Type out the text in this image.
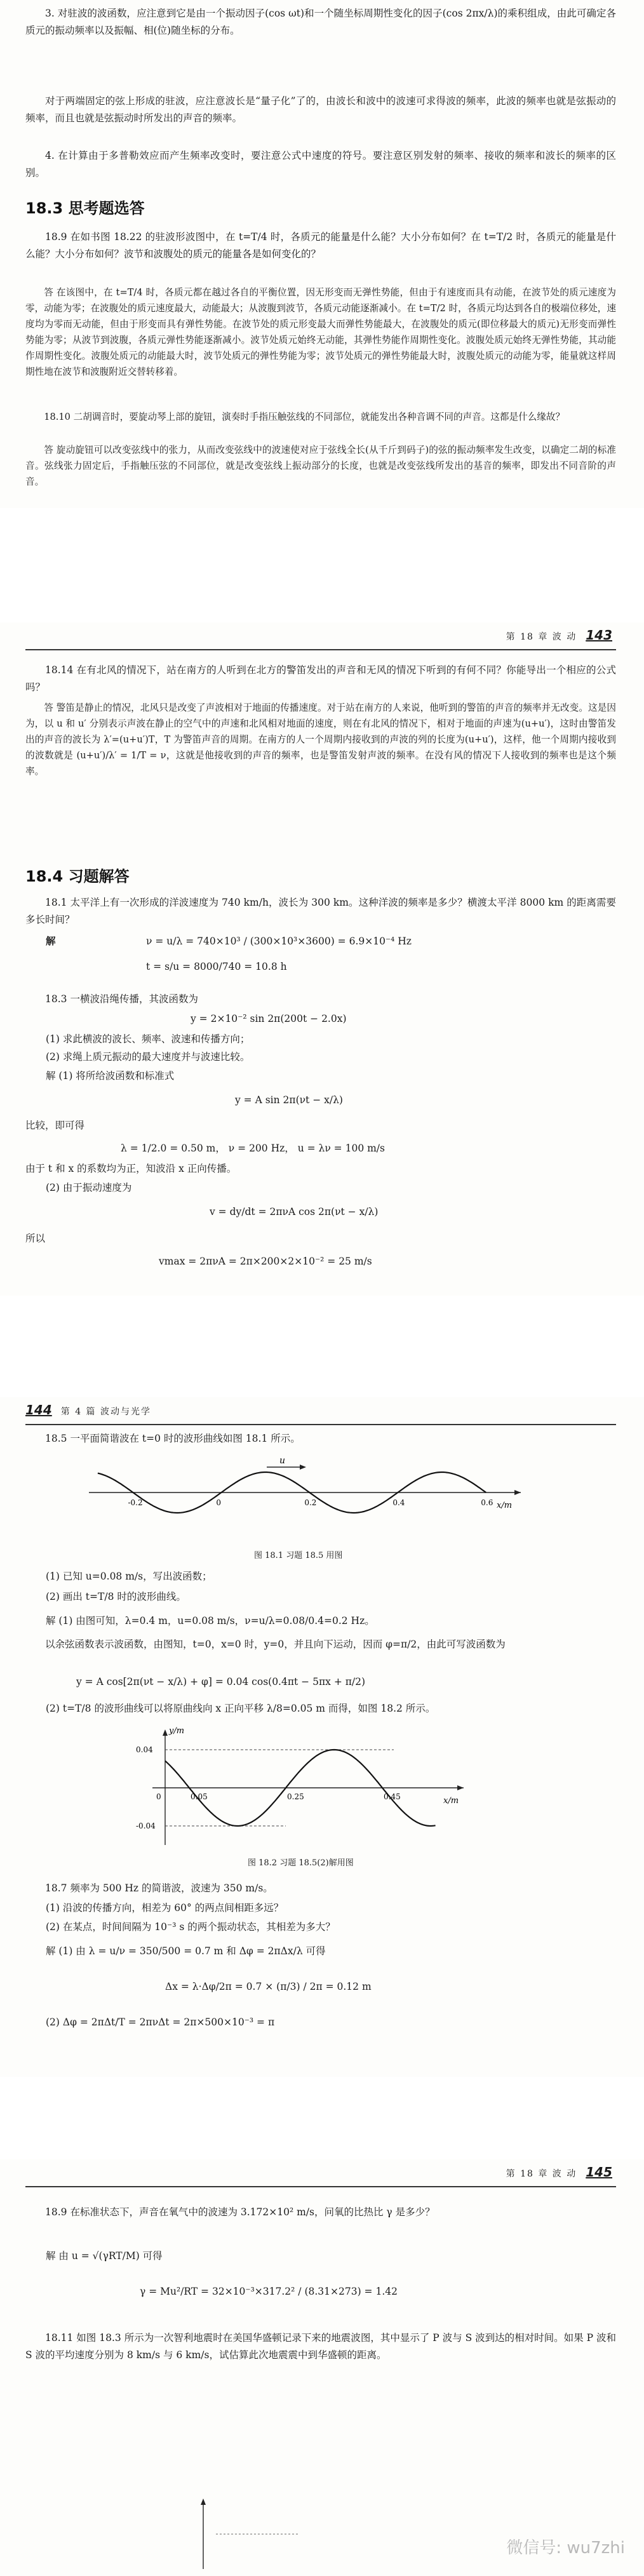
3. 对驻波的波函数，应注意到它是由一个振动因子(cos ωt)和一个随坐标周期性变化的因子(cos 2πx/λ)的乘积组成，由此可确定各质元的振动频率以及振幅、相(位)随坐标的分布。

对于两端固定的弦上形成的驻波，应注意波长是“量子化”了的，由波长和波中的波速可求得波的频率，此波的频率也就是弦振动的频率，而且也就是弦振动时所发出的声音的频率。

4. 在计算由于多普勒效应而产生频率改变时，要注意公式中速度的符号。要注意区别发射的频率、接收的频率和波长的频率的区别。

18.3 思考题选答

18.9 在如书图 18.22 的驻波形波图中，在 t=T/4 时，各质元的能量是什么能？大小分布如何？在 t=T/2 时，各质元的能量是什么能？大小分布如何？波节和波腹处的质元的能量各是如何变化的？

答 在该图中，在 t=T/4 时，各质元都在越过各自的平衡位置，因无形变而无弹性势能，但由于有速度而具有动能，在波节处的质元速度为零，动能为零；在波腹处的质元速度最大，动能最大；从波腹到波节，各质元动能逐渐减小。在 t=T/2 时，各质元均达到各自的极端位移处，速度均为零而无动能，但由于形变而具有弹性势能。在波节处的质元形变最大而弹性势能最大，在波腹处的质元(即位移最大的质元)无形变而弹性势能为零；从波节到波腹，各质元弹性势能逐渐减小。波节处质元始终无动能，其弹性势能作周期性变化。波腹处质元始终无弹性势能，其动能作周期性变化。波腹处质元的动能最大时，波节处质元的弹性势能为零；波节处质元的弹性势能最大时，波腹处质元的动能为零，能量就这样周期性地在波节和波腹附近交替转移着。

18.10 二胡调音时，要旋动琴上部的旋钮，演奏时手指压触弦线的不同部位，就能发出各种音调不同的声音。这都是什么缘故？

答 旋动旋钮可以改变弦线中的张力，从而改变弦线中的波速使对应于弦线全长(从千斤到码子)的弦的振动频率发生改变，以确定二胡的标准音。弦线张力固定后，手指触压弦的不同部位，就是改变弦线上振动部分的长度，也就是改变弦线所发出的基音的频率，即发出不同音阶的声音。

第 18 章 波 动 143

18.14 在有北风的情况下，站在南方的人听到在北方的警笛发出的声音和无风的情况下听到的有何不同？你能导出一个相应的公式吗？

答 警笛是静止的情况，北风只是改变了声波相对于地面的传播速度。对于站在南方的人来说，他听到的警笛的声音的频率并无改变。这是因为，以 u 和 u′ 分别表示声波在静止的空气中的声速和北风相对地面的速度，则在有北风的情况下，相对于地面的声速为(u+u′)，这时由警笛发出的声音的波长为 λ′=(u+u′)T，T 为警笛声音的周期。在南方的人一个周期内接收到的声波的列的长度为(u+u′)，这样，他一个周期内接收到的波数就是 (u+u′)/λ′ = 1/T = ν，这就是他接收到的声音的频率，也是警笛发射声波的频率。在没有风的情况下人接收到的频率也是这个频率。

18.4 习题解答

18.1 太平洋上有一次形成的洋波速度为 740 km/h，波长为 300 km。这种洋波的频率是多少？横渡太平洋 8000 km 的距离需要多长时间？

解	ν = u/λ = 740×10³ / (300×10³×3600) = 6.9×10⁻⁴ Hz
t = s/u = 8000/740 = 10.8 h

18.3 一横波沿绳传播，其波函数为

y = 2×10⁻² sin 2π(200t − 2.0x)
(1) 求此横波的波长、频率、波速和传播方向；
(2) 求绳上质元振动的最大速度并与波速比较。
解 (1) 将所给波函数和标准式
y = A sin 2π(νt − x/λ)
比较，即可得
λ = 1/2.0 = 0.50 m， ν = 200 Hz， u = λν = 100 m/s
由于 t 和 x 的系数均为正，知波沿 x 正向传播。
(2) 由于振动速度为
v = dy/dt = 2πνA cos 2π(νt − x/λ)
所以
vmax = 2πνA = 2π×200×2×10⁻² = 25 m/s
144 第 4 篇 波动与光学

18.5 一平面简谐波在 t=0 时的波形曲线如图 18.1 所示。

u
x/m
-0.2	0	0.2	0.4	0.6
图 18.1 习题 18.5 用图
(1) 已知 u=0.08 m/s，写出波函数；
(2) 画出 t=T/8 时的波形曲线。
解 (1) 由图可知，λ=0.4 m，u=0.08 m/s，ν=u/λ=0.08/0.4=0.2 Hz。

以余弦函数表示波函数，由图知，t=0，x=0 时，y=0，并且向下运动，因而 φ=π/2，由此可写波函数为

y = A cos[2π(νt − x/λ) + φ] = 0.04 cos(0.4πt − 5πx + π/2)
(2) t=T/8 的波形曲线可以将原曲线向 x 正向平移 λ/8=0.05 m 而得，如图 18.2 所示。
y/m
x/m
0	0.05	0.25	0.45
0.04
-0.04
图 18.2 习题 18.5(2)解用图

18.7 频率为 500 Hz 的简谐波，波速为 350 m/s。

(1) 沿波的传播方向，相差为 60° 的两点间相距多远？
(2) 在某点，时间间隔为 10⁻³ s 的两个振动状态，其相差为多大？
解 (1) 由 λ = u/ν = 350/500 = 0.7 m 和 Δφ = 2πΔx/λ 可得
Δx = λ·Δφ/2π = 0.7 × (π/3) / 2π = 0.12 m
(2) Δφ = 2πΔt/T = 2πνΔt = 2π×500×10⁻³ = π
第 18 章 波 动 145

18.9 在标准状态下，声音在氧气中的波速为 3.172×10² m/s，问氧的比热比 γ 是多少？

解 由 u = √(γRT/M) 可得
γ = Mu²/RT = 32×10⁻³×317.2² / (8.31×273) = 1.42

18.11 如图 18.3 所示为一次智利地震时在美国华盛顿记录下来的地震波图，其中显示了 P 波与 S 波到达的相对时间。如果 P 波和 S 波的平均速度分别为 8 km/s 与 6 km/s，试估算此次地震震中到华盛顿的距离。

微信号: wu7zhi
